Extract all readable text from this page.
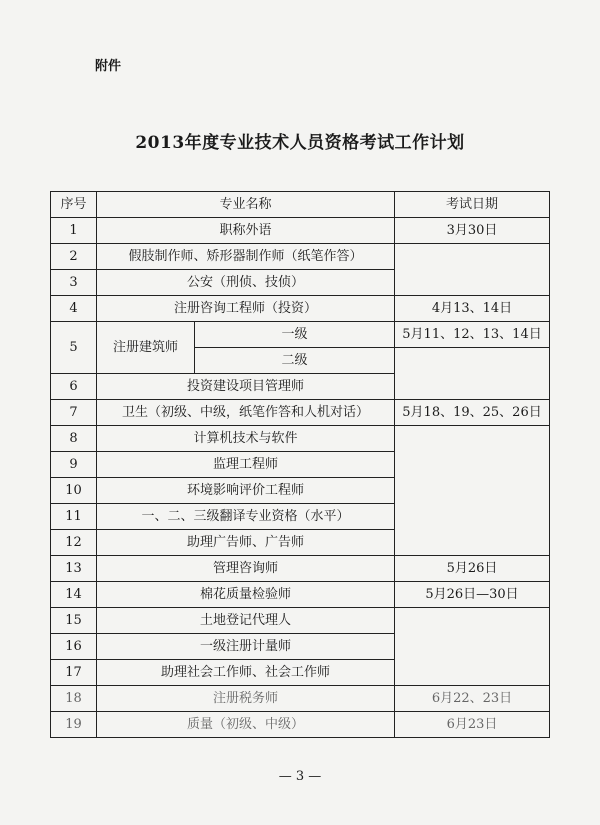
附件
2013年度专业技术人员资格考试工作计划
序号	专业名称		考试日期
1	职称外语		3月30日
2	假肢制作师、矫形器制作师（纸笔作答）		
3	公安（刑侦、技侦）		
4	注册咨询工程师（投资）		4月13、14日
5	注册建筑师	一级	5月11、12、13、14日
		二级	
6	投资建设项目管理师		
7	卫生（初级、中级，纸笔作答和人机对话）		5月18、19、25、26日
8	计算机技术与软件		
9	监理工程师		
10	环境影响评价工程师		
11	一、二、三级翻译专业资格（水平）		
12	助理广告师、广告师		
13	管理咨询师		5月26日
14	棉花质量检验师		5月26日—30日
15	土地登记代理人		
16	一级注册计量师		
17	助理社会工作师、社会工作师		
18	注册税务师		6月22、23日
19	质量（初级、中级）		6月23日
— 3 —
